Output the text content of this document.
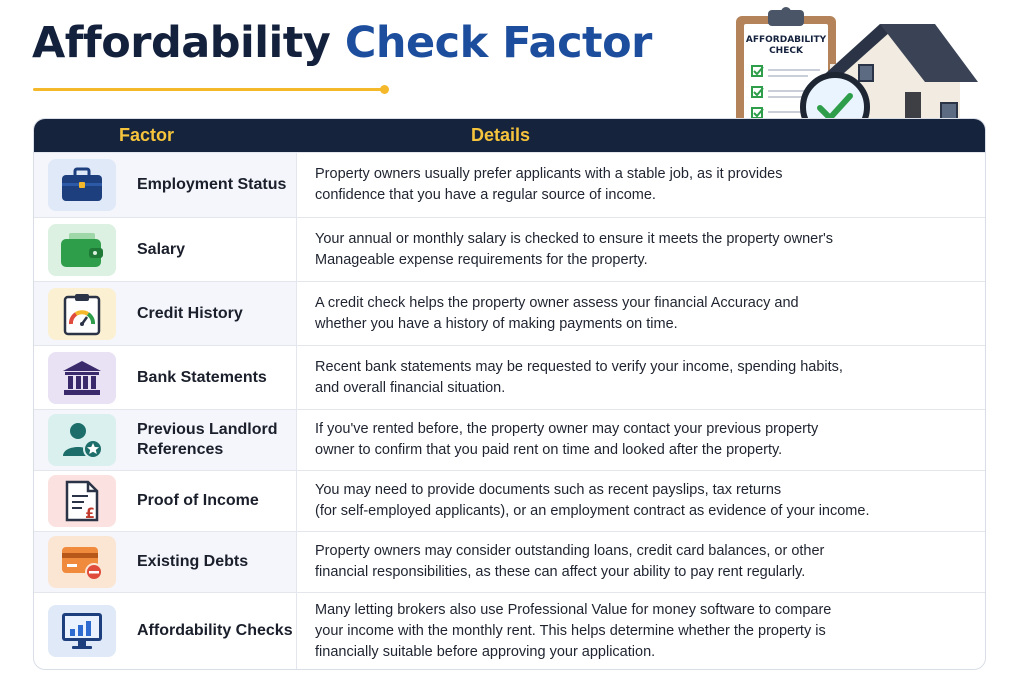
Affordability Check Factor	AFFORDABILITY
CHECK
Factor	Details
Employment Status
Property owners usually prefer applicants with a stable job, as it provides
confidence that you have a regular source of income.
Salary
Your annual or monthly salary is checked to ensure it meets the property owner's
Manageable expense requirements for the property.
Credit History
A credit check helps the property owner assess your financial Accuracy and
whether you have a history of making payments on time.
Bank Statements
Recent bank statements may be requested to verify your income, spending habits,
and overall financial situation.
Previous Landlord
References
If you've rented before, the property owner may contact your previous property
owner to confirm that you paid rent on time and looked after the property.
£
Proof of Income
You may need to provide documents such as recent payslips, tax returns
(for self-employed applicants), or an employment contract as evidence of your income.
Existing Debts
Property owners may consider outstanding loans, credit card balances, or other
financial responsibilities, as these can affect your ability to pay rent regularly.
Affordability Checks
Many letting brokers also use Professional Value for money software to compare
your income with the monthly rent. This helps determine whether the property is
financially suitable before approving your application.
